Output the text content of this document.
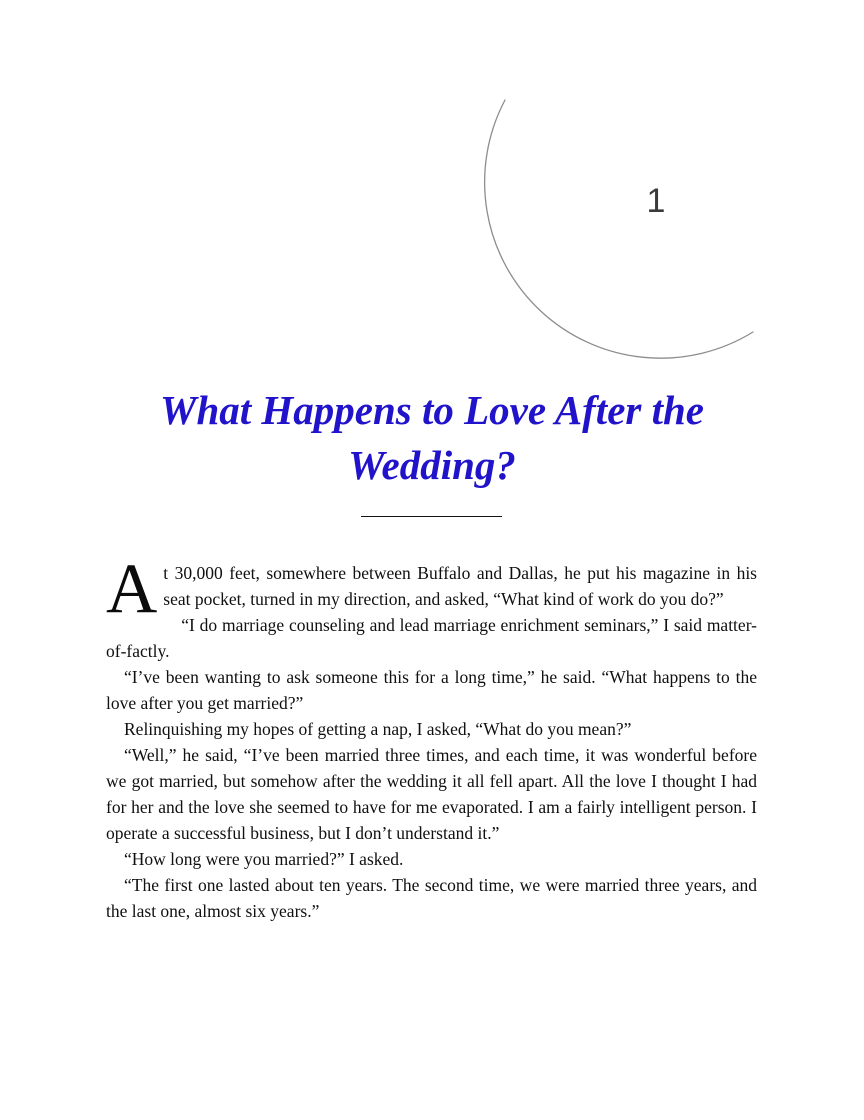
1
What Happens to Love After the Wedding?

At 30,000 feet, somewhere between Buffalo and Dallas, he put his magazine in his seat pocket, turned in my direction, and asked, “What kind of work do you do?”

“I do marriage counseling and lead marriage enrichment seminars,” I said matter-of-factly.

“I’ve been wanting to ask someone this for a long time,” he said. “What happens to the love after you get married?”

Relinquishing my hopes of getting a nap, I asked, “What do you mean?”

“Well,” he said, “I’ve been married three times, and each time, it was wonderful before we got married, but somehow after the wedding it all fell apart. All the love I thought I had for her and the love she seemed to have for me evaporated. I am a fairly intelligent person. I operate a successful business, but I don’t understand it.”

“How long were you married?” I asked.

“The first one lasted about ten years. The second time, we were married three years, and the last one, almost six years.”
